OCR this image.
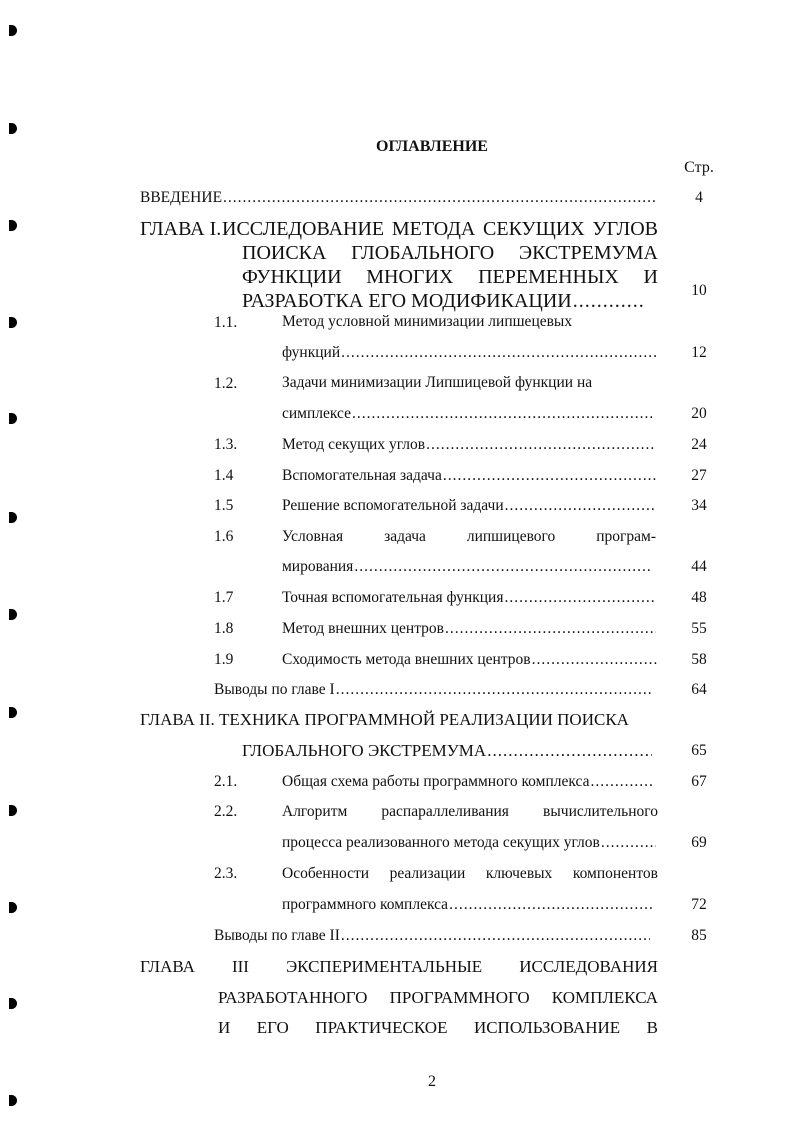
ОГЛАВЛЕНИЕ
Стр.
ВВЕДЕНИЕ .....	4
ГЛАВА I. ИССЛЕДОВАНИЕ МЕТОДА СЕКУЩИХ УГЛОВ
ПОИСКА ГЛОБАЛЬНОГО ЭКСТРЕМУМА
ФУНКЦИИ МНОГИХ ПЕРЕМЕННЫХ И
РАЗРАБОТКА ЕГО МОДИФИКАЦИИ .....	10
1.1.	Метод условной минимизации липшецевых
функций .....	12
1.2.	Задачи минимизации Липшицевой функции на
симплексе .....	20
1.3.	Метод секущих углов .....	24
1.4	Вспомогательная задача .....	27
1.5	Решение вспомогательной задачи .....	34
1.6	Условная задача липшицевого програм-
мирования .....	44
1.7	Точная вспомогательная функция .....	48
1.8	Метод внешних центров .....	55
1.9	Сходимость метода внешних центров .....	58
Выводы по главе I .....	64
ГЛАВА II. ТЕХНИКА ПРОГРАММНОЙ РЕАЛИЗАЦИИ ПОИСКА
ГЛОБАЛЬНОГО ЭКСТРЕМУМА .....	65
2.1.	Общая схема работы программного комплекса .....	67
2.2.	Алгоритм распараллеливания вычислительного
процесса реализованного метода секущих углов .....	69
2.3.	Особенности реализации ключевых компонентов
программного комплекса .....	72
Выводы по главе II .....	85
ГЛАВА III ЭКСПЕРИМЕНТАЛЬНЫЕ ИССЛЕДОВАНИЯ
РАЗРАБОТАННОГО ПРОГРАММНОГО КОМПЛЕКСА
И ЕГО ПРАКТИЧЕСКОЕ ИСПОЛЬЗОВАНИЕ В
2
